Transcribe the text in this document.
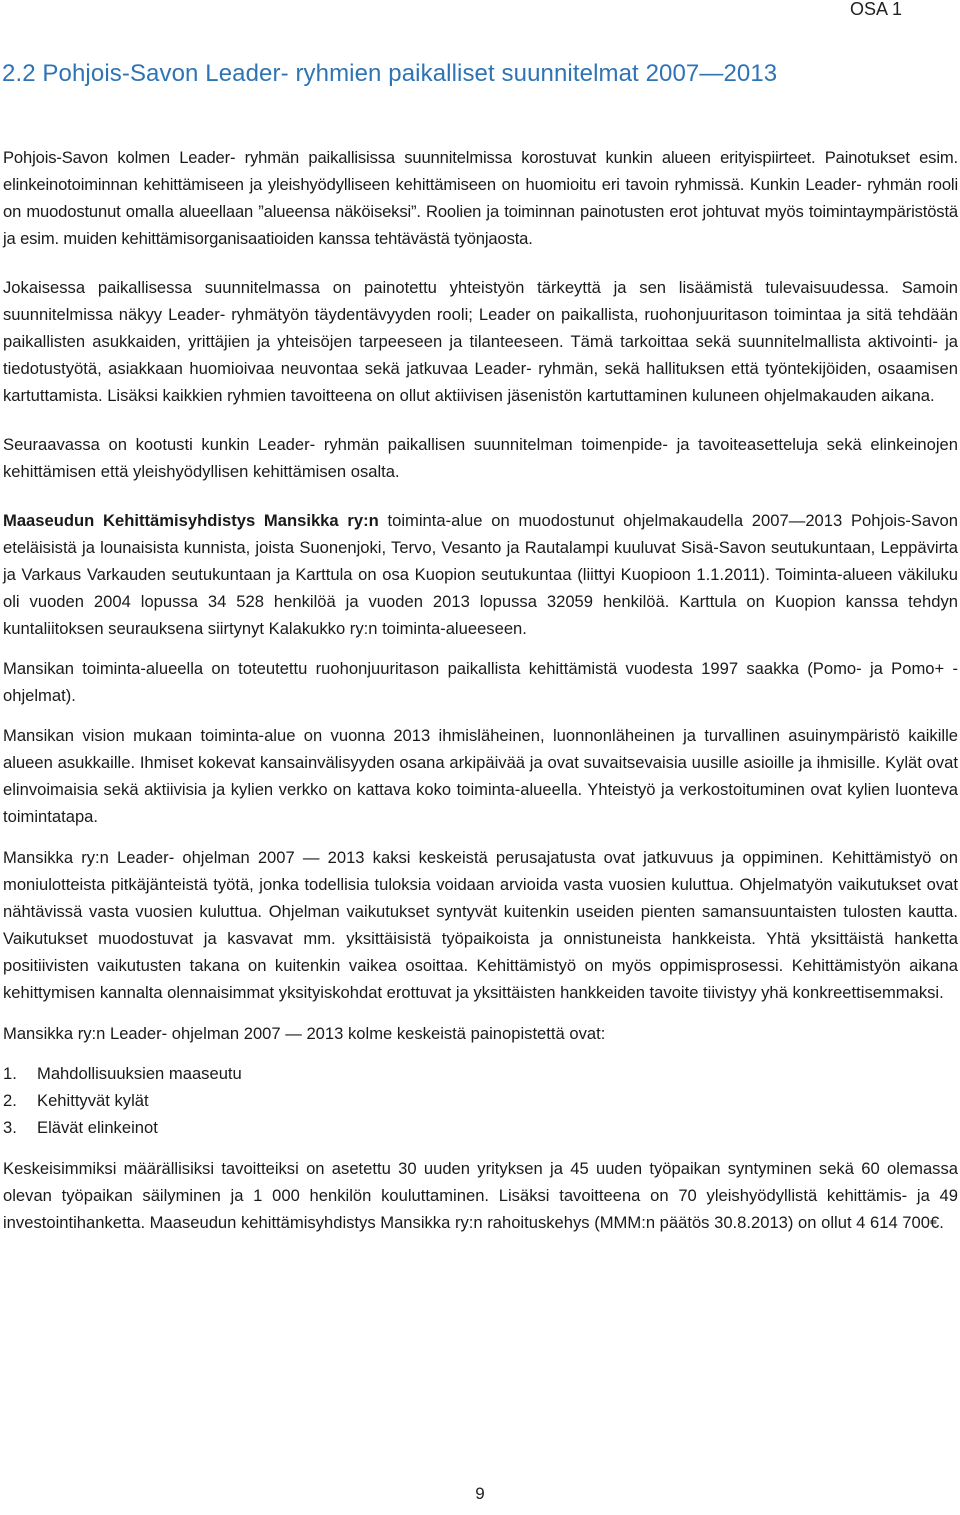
OSA 1
2.2 Pohjois-Savon Leader- ryhmien paikalliset suunnitelmat 2007—2013

Pohjois-Savon kolmen Leader- ryhmän paikallisissa suunnitelmissa korostuvat kunkin alueen erityispiirteet. Painotukset esim. elinkeinotoiminnan kehittämiseen ja yleishyödylliseen kehittämiseen on huomioitu eri tavoin ryhmissä. Kunkin Leader- ryhmän rooli on muodostunut omalla alueellaan ”alueensa näköiseksi”. Roolien ja toiminnan painotusten erot johtuvat myös toimintaympäristöstä ja esim. muiden kehittämisorganisaatioiden kanssa tehtävästä työnjaosta.

Jokaisessa paikallisessa suunnitelmassa on painotettu yhteistyön tärkeyttä ja sen lisäämistä tulevaisuudessa. Samoin suunnitelmissa näkyy Leader- ryhmätyön täydentävyyden rooli; Leader on paikallista, ruohonjuuritason toimintaa ja sitä tehdään paikallisten asukkaiden, yrittäjien ja yhteisöjen tarpeeseen ja tilanteeseen. Tämä tarkoittaa sekä suunnitelmallista aktivointi- ja tiedotustyötä, asiakkaan huomioivaa neuvontaa sekä jatkuvaa Leader- ryhmän, sekä hallituksen että työntekijöiden, osaamisen kartuttamista. Lisäksi kaikkien ryhmien tavoitteena on ollut aktiivisen jäsenistön kartuttaminen kuluneen ohjelmakauden aikana.

Seuraavassa on kootusti kunkin Leader- ryhmän paikallisen suunnitelman toimenpide- ja tavoiteasetteluja sekä elinkeinojen kehittämisen että yleishyödyllisen kehittämisen osalta.

Maaseudun Kehittämisyhdistys Mansikka ry:n toiminta-alue on muodostunut ohjelmakaudella 2007—2013 Pohjois-Savon eteläisistä ja lounaisista kunnista, joista Suonenjoki, Tervo, Vesanto ja Rautalampi kuuluvat Sisä-Savon seutukuntaan, Leppävirta ja Varkaus Varkauden seutukuntaan ja Karttula on osa Kuopion seutukuntaa (liittyi Kuopioon 1.1.2011). Toiminta-alueen väkiluku oli vuoden 2004 lopussa 34 528 henkilöä ja vuoden 2013 lopussa 32059 henkilöä. Karttula on Kuopion kanssa tehdyn kuntaliitoksen seurauksena siirtynyt Kalakukko ry:n toiminta-alueeseen.

Mansikan toiminta-alueella on toteutettu ruohonjuuritason paikallista kehittämistä vuodesta 1997 saakka (Pomo- ja Pomo+ -ohjelmat).

Mansikan vision mukaan toiminta-alue on vuonna 2013 ihmisläheinen, luonnonläheinen ja turvallinen asuinympäristö kaikille alueen asukkaille. Ihmiset kokevat kansainvälisyyden osana arkipäivää ja ovat suvaitsevaisia uusille asioille ja ihmisille. Kylät ovat elinvoimaisia sekä aktiivisia ja kylien verkko on kattava koko toiminta-alueella. Yhteistyö ja verkostoituminen ovat kylien luonteva toimintatapa.

Mansikka ry:n Leader- ohjelman 2007 — 2013 kaksi keskeistä perusajatusta ovat jatkuvuus ja oppiminen. Kehittämistyö on moniulotteista pitkäjänteistä työtä, jonka todellisia tuloksia voidaan arvioida vasta vuosien kuluttua. Ohjelmatyön vaikutukset ovat nähtävissä vasta vuosien kuluttua. Ohjelman vaikutukset syntyvät kuitenkin useiden pienten samansuuntaisten tulosten kautta. Vaikutukset muodostuvat ja kasvavat mm. yksittäisistä työpaikoista ja onnistuneista hankkeista. Yhtä yksittäistä hanketta positiivisten vaikutusten takana on kuitenkin vaikea osoittaa. Kehittämistyö on myös oppimisprosessi. Kehittämistyön aikana kehittymisen kannalta olennaisimmat yksityiskohdat erottuvat ja yksittäisten hankkeiden tavoite tiivistyy yhä konkreettisemmaksi.

Mansikka ry:n Leader- ohjelman 2007 — 2013 kolme keskeistä painopistettä ovat:

1.	Mahdollisuuksien maaseutu
2.	Kehittyvät kylät
3.	Elävät elinkeinot

Keskeisimmiksi määrällisiksi tavoitteiksi on asetettu 30 uuden yrityksen ja 45 uuden työpaikan syntyminen sekä 60 olemassa olevan työpaikan säilyminen ja 1 000 henkilön kouluttaminen. Lisäksi tavoitteena on 70 yleishyödyllistä kehittämis- ja 49 investointihanketta. Maaseudun kehittämisyhdistys Mansikka ry:n rahoituskehys (MMM:n päätös 30.8.2013) on ollut 4 614 700€.

9
